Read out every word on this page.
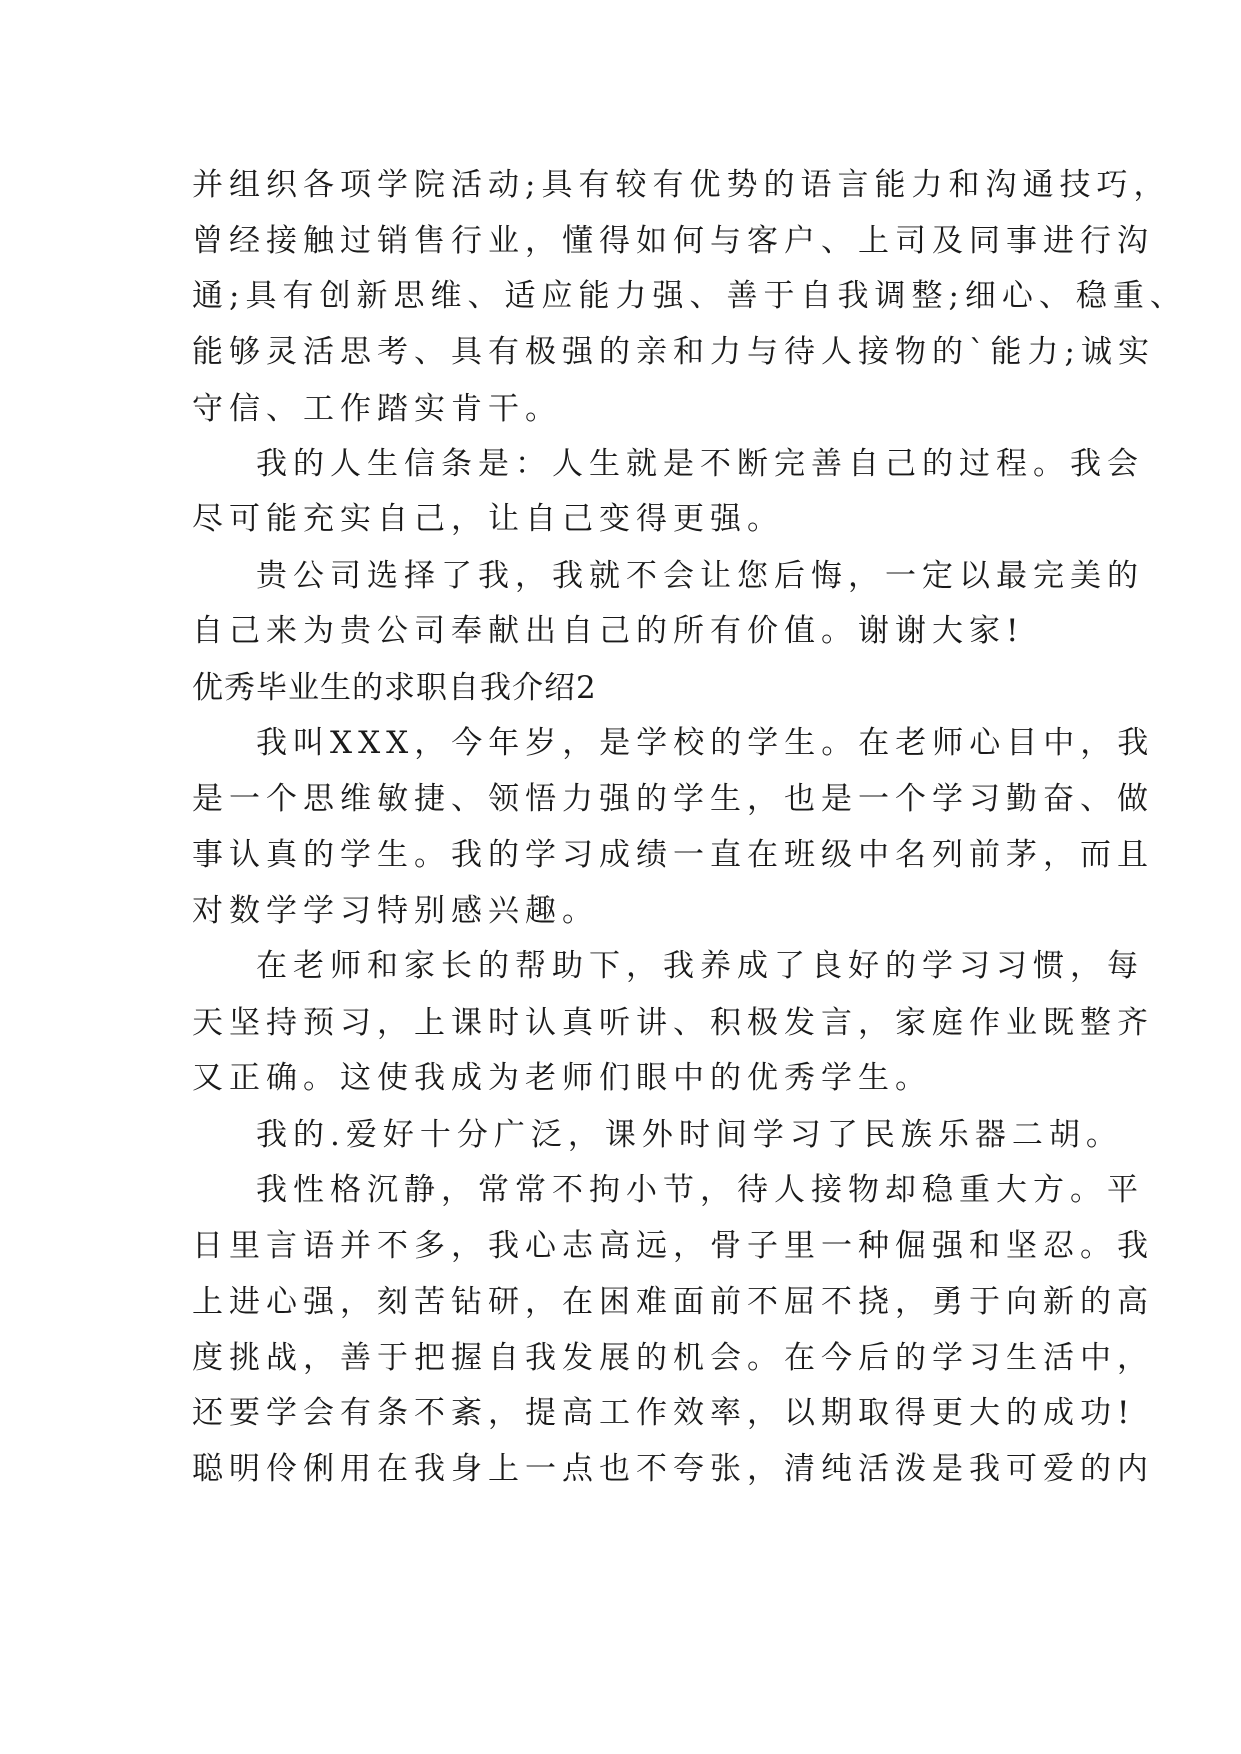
并组织各项学院活动;具有较有优势的语言能力和沟通技巧，
曾经接触过销售行业，懂得如何与客户、上司及同事进行沟
通;具有创新思维、适应能力强、善于自我调整;细心、稳重、
能够灵活思考、具有极强的亲和力与待人接物的`能力;诚实
守信、工作踏实肯干。
我的人生信条是：人生就是不断完善自己的过程。我会
尽可能充实自己，让自己变得更强。
贵公司选择了我，我就不会让您后悔，一定以最完美的
自己来为贵公司奉献出自己的所有价值。谢谢大家!
优秀毕业生的求职自我介绍2
我叫XXX，今年岁，是学校的学生。在老师心目中，我
是一个思维敏捷、领悟力强的学生，也是一个学习勤奋、做
事认真的学生。我的学习成绩一直在班级中名列前茅，而且
对数学学习特别感兴趣。
在老师和家长的帮助下，我养成了良好的学习习惯，每
天坚持预习，上课时认真听讲、积极发言，家庭作业既整齐
又正确。这使我成为老师们眼中的优秀学生。
我的.爱好十分广泛，课外时间学习了民族乐器二胡。
我性格沉静，常常不拘小节，待人接物却稳重大方。平
日里言语并不多，我心志高远，骨子里一种倔强和坚忍。我
上进心强，刻苦钻研，在困难面前不屈不挠，勇于向新的高
度挑战，善于把握自我发展的机会。在今后的学习生活中，
还要学会有条不紊，提高工作效率，以期取得更大的成功!
聪明伶俐用在我身上一点也不夸张，清纯活泼是我可爱的内
